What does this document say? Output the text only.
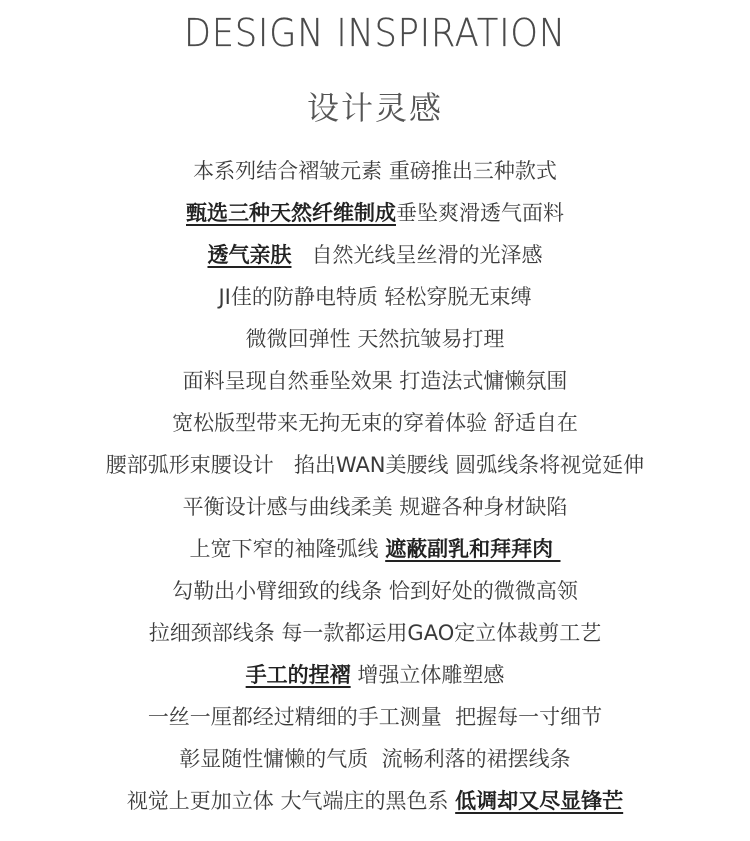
DESIGN INSPIRATION
设计灵感
本系列结合褶皱元素 重磅推出三种款式
甄选三种天然纤维制成垂坠爽滑透气面料
透气亲肤   自然光线呈丝滑的光泽感
JI佳的防静电特质 轻松穿脱无束缚
微微回弹性 天然抗皱易打理
面料呈现自然垂坠效果 打造法式慵懒氛围
宽松版型带来无拘无束的穿着体验 舒适自在
腰部弧形束腰设计   掐出WAN美腰线 圆弧线条将视觉延伸
平衡设计感与曲线柔美 规避各种身材缺陷
上宽下窄的袖隆弧线 遮蔽副乳和拜拜肉
勾勒出小臂细致的线条 恰到好处的微微高领
拉细颈部线条 每一款都运用GAO定立体裁剪工艺
手工的捏褶 增强立体雕塑感
一丝一厘都经过精细的手工测量  把握每一寸细节
彰显随性慵懒的气质  流畅利落的裙摆线条
视觉上更加立体 大气端庄的黑色系 低调却又尽显锋芒
